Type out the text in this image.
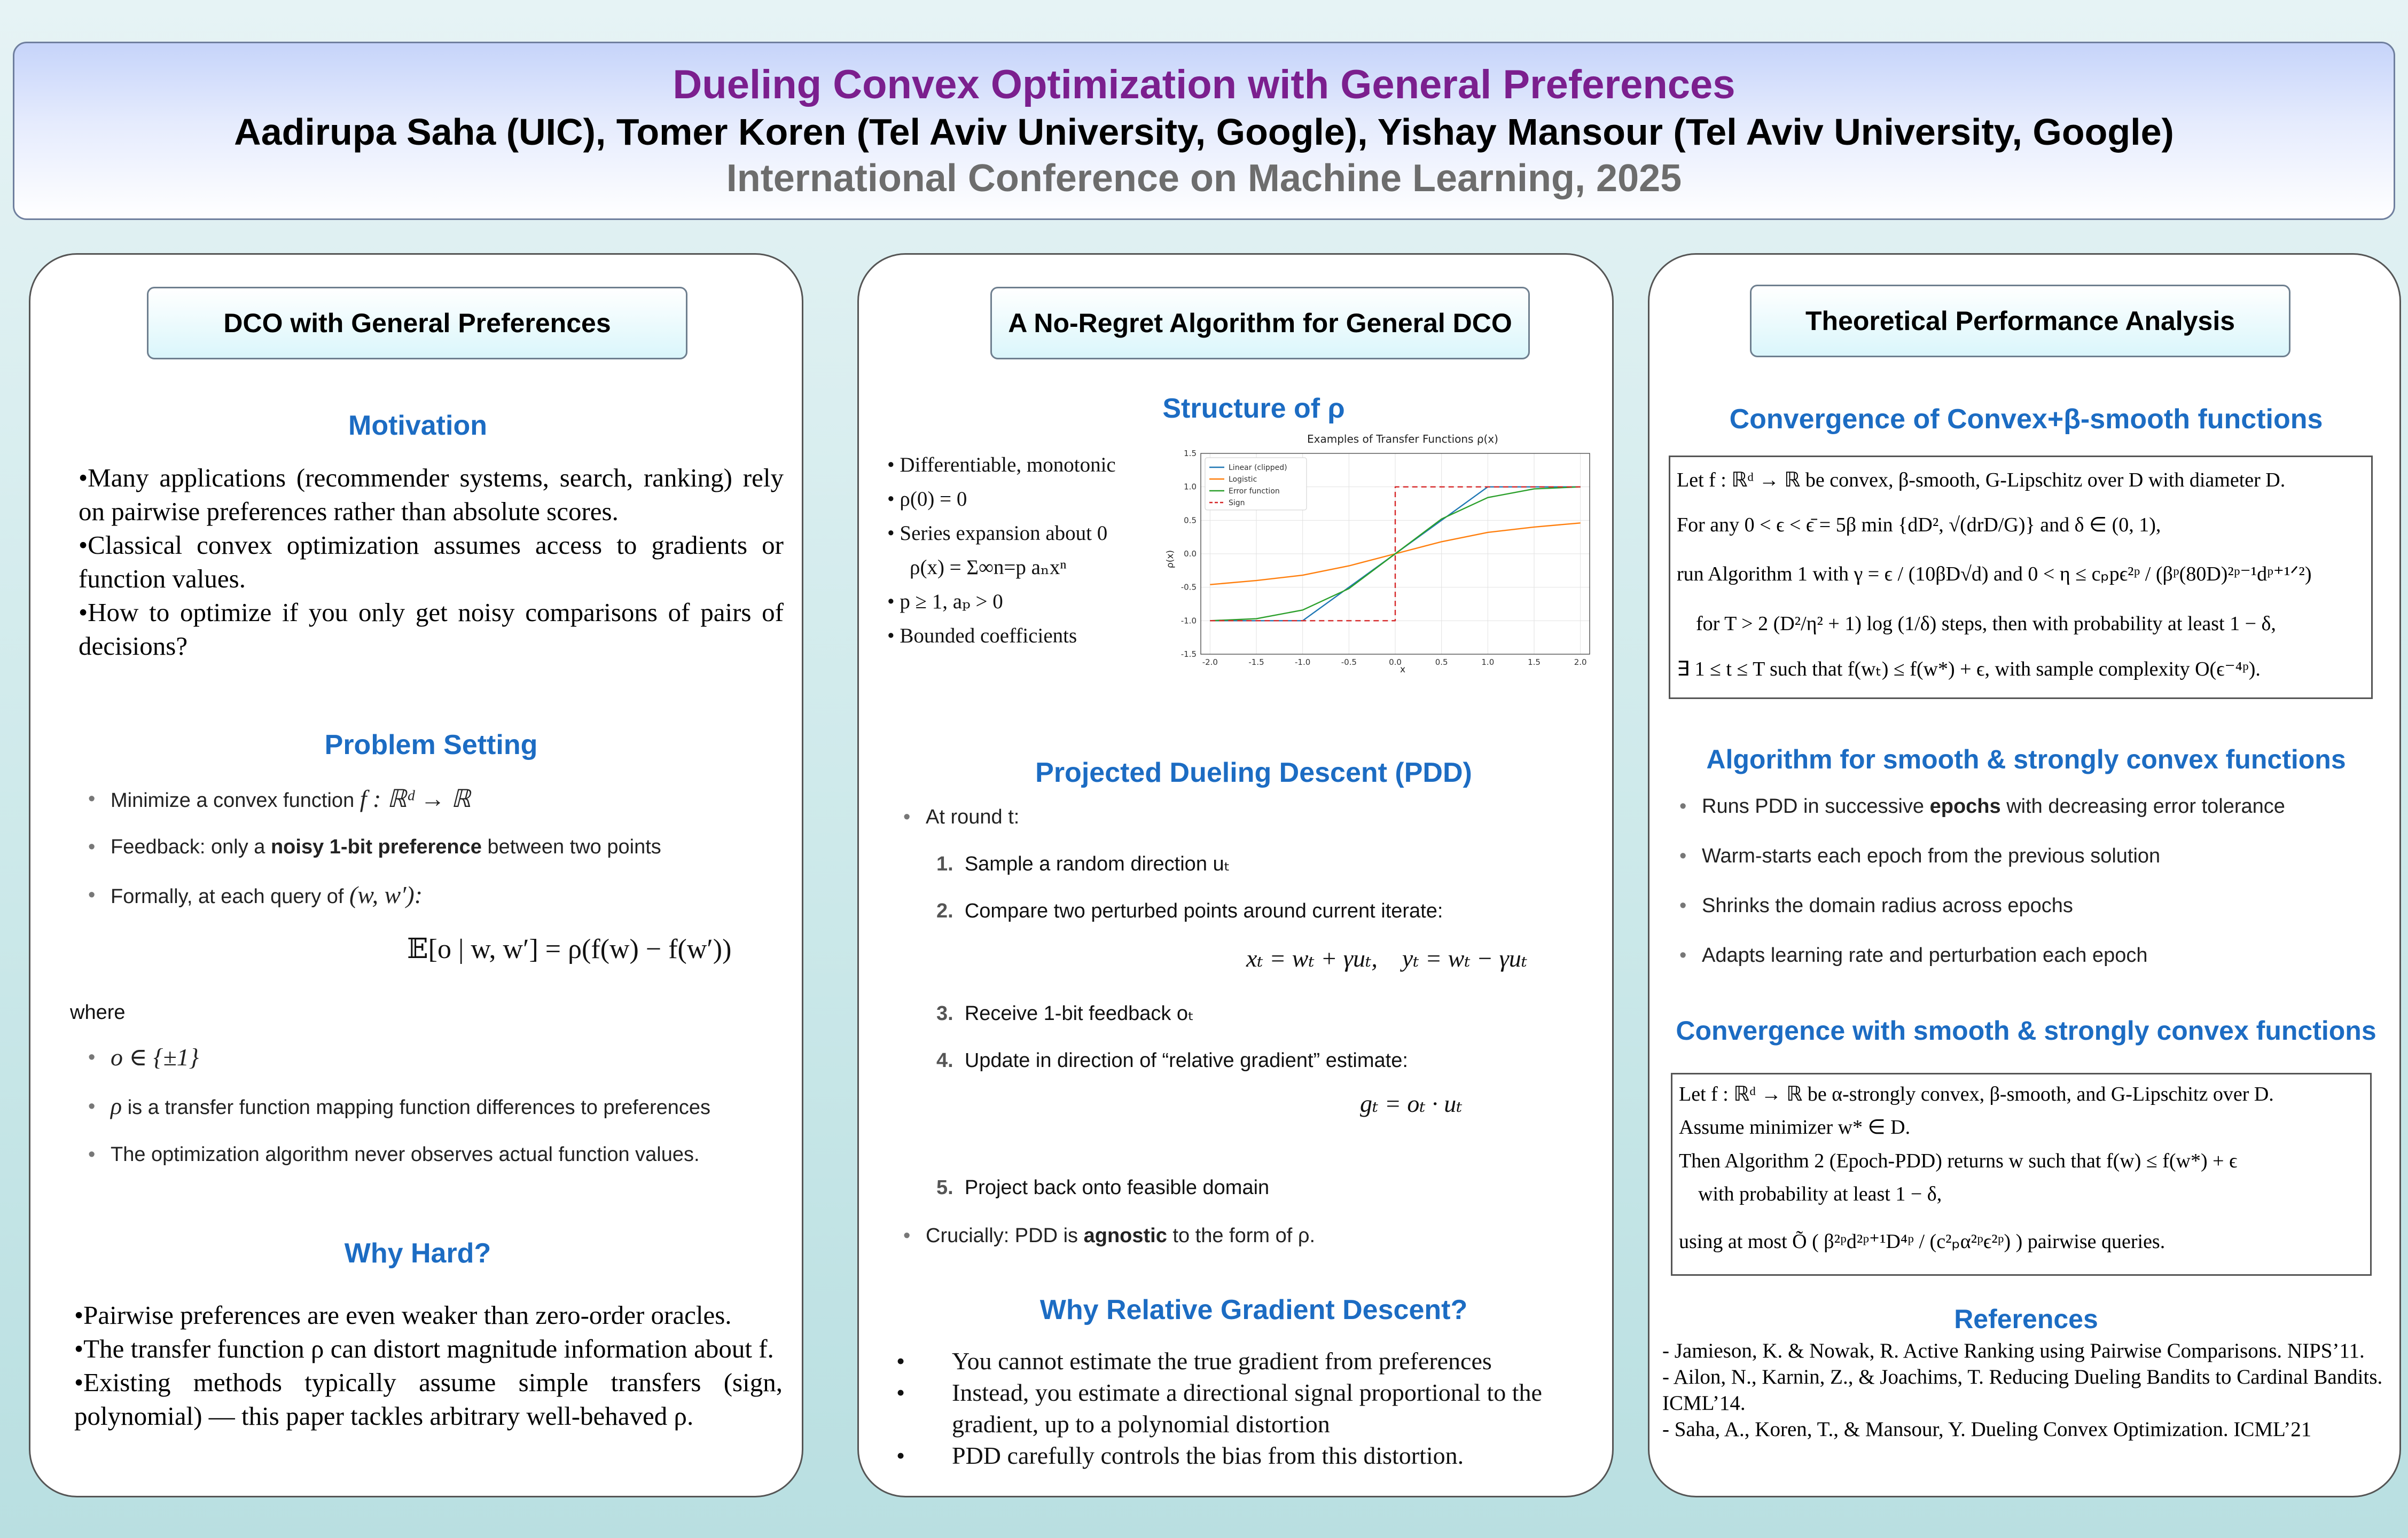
Dueling Convex Optimization with General Preferences
Aadirupa Saha (UIC), Tomer Koren (Tel Aviv University, Google), Yishay Mansour (Tel Aviv University, Google)
International Conference on Machine Learning, 2025
DCO with General Preferences
Motivation
•Many applications (recommender systems, search, ranking) rely on pairwise preferences rather than absolute scores.
•Classical convex optimization assumes access to gradients or function values.
•How to optimize if you only get noisy comparisons of pairs of decisions?
Problem Setting
• Minimize a convex function f : ℝᵈ → ℝ
• Feedback: only a noisy 1-bit preference between two points
• Formally, at each query of (w, w′):
𝔼[o | w, w′] = ρ(f(w) − f(w′))
where
• o ∈ {±1}
• ρ is a transfer function mapping function differences to preferences
• The optimization algorithm never observes actual function values.
Why Hard?
•Pairwise preferences are even weaker than zero-order oracles.
•The transfer function ρ can distort magnitude information about f.
•Existing methods typically assume simple transfers (sign, polynomial) — this paper tackles arbitrary well-behaved ρ.
A No-Regret Algorithm for General DCO
Structure of ρ
• Differentiable, monotonic
• ρ(0) = 0
• Series expansion about 0
ρ(x) = Σ∞n=p aₙxⁿ
• p ≥ 1, aₚ > 0
• Bounded coefficients
Examples of Transfer Functions ρ(x)
ρ(x)
x
-2.0	-1.5	-1.0	-0.5	0.0	0.5	1.0	1.5	2.0
-1.5
-1.0
-0.5
0.0
0.5
1.0
1.5
Linear (clipped)
Logistic
Error function
Sign
Projected Dueling Descent (PDD)
• At round t:
1. Sample a random direction uₜ
2. Compare two perturbed points around current iterate:
xₜ = wₜ + γuₜ,    yₜ = wₜ − γuₜ
3. Receive 1-bit feedback oₜ
4. Update in direction of “relative gradient” estimate:
gₜ = oₜ · uₜ
5. Project back onto feasible domain
• Crucially: PDD is agnostic to the form of ρ.
Why Relative Gradient Descent?
• You cannot estimate the true gradient from preferences
• Instead, you estimate a directional signal proportional to the gradient, up to a polynomial distortion
• PDD carefully controls the bias from this distortion.
Theoretical Performance Analysis
Convergence of Convex+β-smooth functions
Let f : ℝᵈ → ℝ be convex, β-smooth, G-Lipschitz over D with diameter D.
For any 0 < ϵ < ϵ̄ = 5β min {dD², √(drD/G)} and δ ∈ (0, 1),
run Algorithm 1 with γ = ϵ / (10βD√d) and 0 < η ≤ cₚpϵ²ᵖ / (βᵖ(80D)²ᵖ⁻¹dᵖ⁺¹ᐟ²)
for T > 2 (D²/η² + 1) log (1/δ) steps, then with probability at least 1 − δ,
∃ 1 ≤ t ≤ T such that f(wₜ) ≤ f(w*) + ϵ, with sample complexity O(ϵ⁻⁴ᵖ).
Algorithm for smooth & strongly convex functions
• Runs PDD in successive epochs with decreasing error tolerance
• Warm-starts each epoch from the previous solution
• Shrinks the domain radius across epochs
• Adapts learning rate and perturbation each epoch
Convergence with smooth & strongly convex functions
Let f : ℝᵈ → ℝ be α-strongly convex, β-smooth, and G-Lipschitz over D.
Assume minimizer w* ∈ D.
Then Algorithm 2 (Epoch-PDD) returns w such that f(w) ≤ f(w*) + ϵ
with probability at least 1 − δ,
using at most Õ ( β²ᵖd²ᵖ⁺¹D⁴ᵖ / (c²ₚα²ᵖϵ²ᵖ) ) pairwise queries.
References
- Jamieson, K. & Nowak, R. Active Ranking using Pairwise Comparisons. NIPS’11.
- Ailon, N., Karnin, Z., & Joachims, T. Reducing Dueling Bandits to Cardinal Bandits. ICML’14.
- Saha, A., Koren, T., & Mansour, Y. Dueling Convex Optimization. ICML’21
